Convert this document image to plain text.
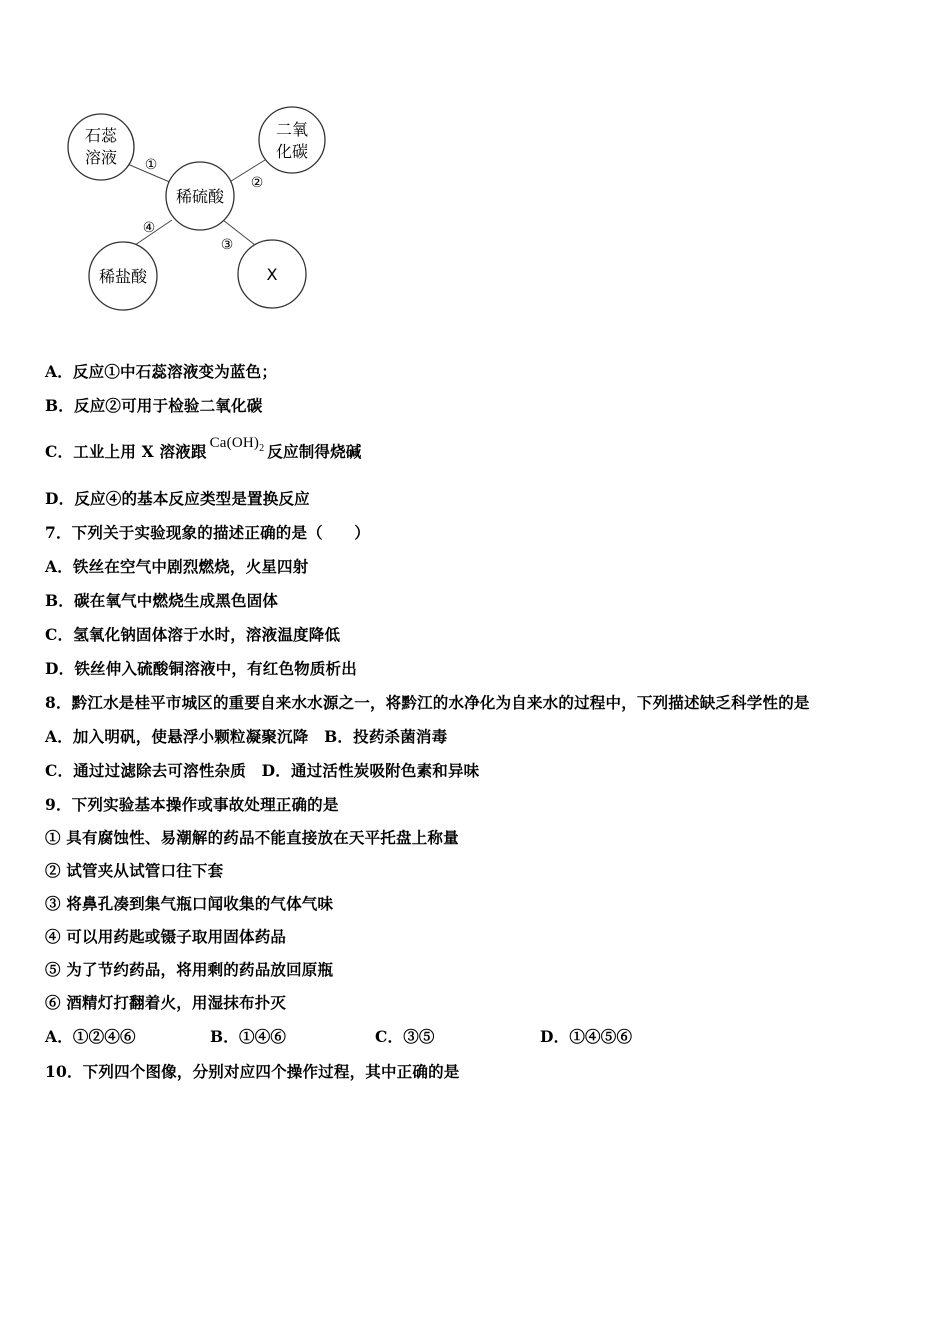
石蕊
溶液
二氧
化碳
稀硫酸
稀盐酸	X
①
②
③
④
A．反应①中石蕊溶液变为蓝色；
B．反应②可用于检验二氧化碳
C．工业上用 X 溶液跟 $Ca(OH)_2$ 反应制得烧碱
D．反应④的基本反应类型是置换反应
7．下列关于实验现象的描述正确的是（　　）
A．铁丝在空气中剧烈燃烧，火星四射
B．碳在氧气中燃烧生成黑色固体
C．氢氧化钠固体溶于水时，溶液温度降低
D．铁丝伸入硫酸铜溶液中，有红色物质析出
8．黔江水是桂平市城区的重要自来水水源之一，将黔江的水净化为自来水的过程中，下列描述缺乏科学性的是
A．加入明矾，使悬浮小颗粒凝聚沉降　B．投药杀菌消毒
C．通过过滤除去可溶性杂质　D．通过活性炭吸附色素和异味
9．下列实验基本操作或事故处理正确的是
① 具有腐蚀性、易潮解的药品不能直接放在天平托盘上称量
② 试管夹从试管口往下套
③ 将鼻孔凑到集气瓶口闻收集的气体气味
④ 可以用药匙或镊子取用固体药品
⑤ 为了节约药品，将用剩的药品放回原瓶
⑥ 酒精灯打翻着火，用湿抹布扑灭
A．①②④⑥	B．①④⑥	C．③⑤	D．①④⑤⑥
10．下列四个图像，分别对应四个操作过程，其中正确的是
